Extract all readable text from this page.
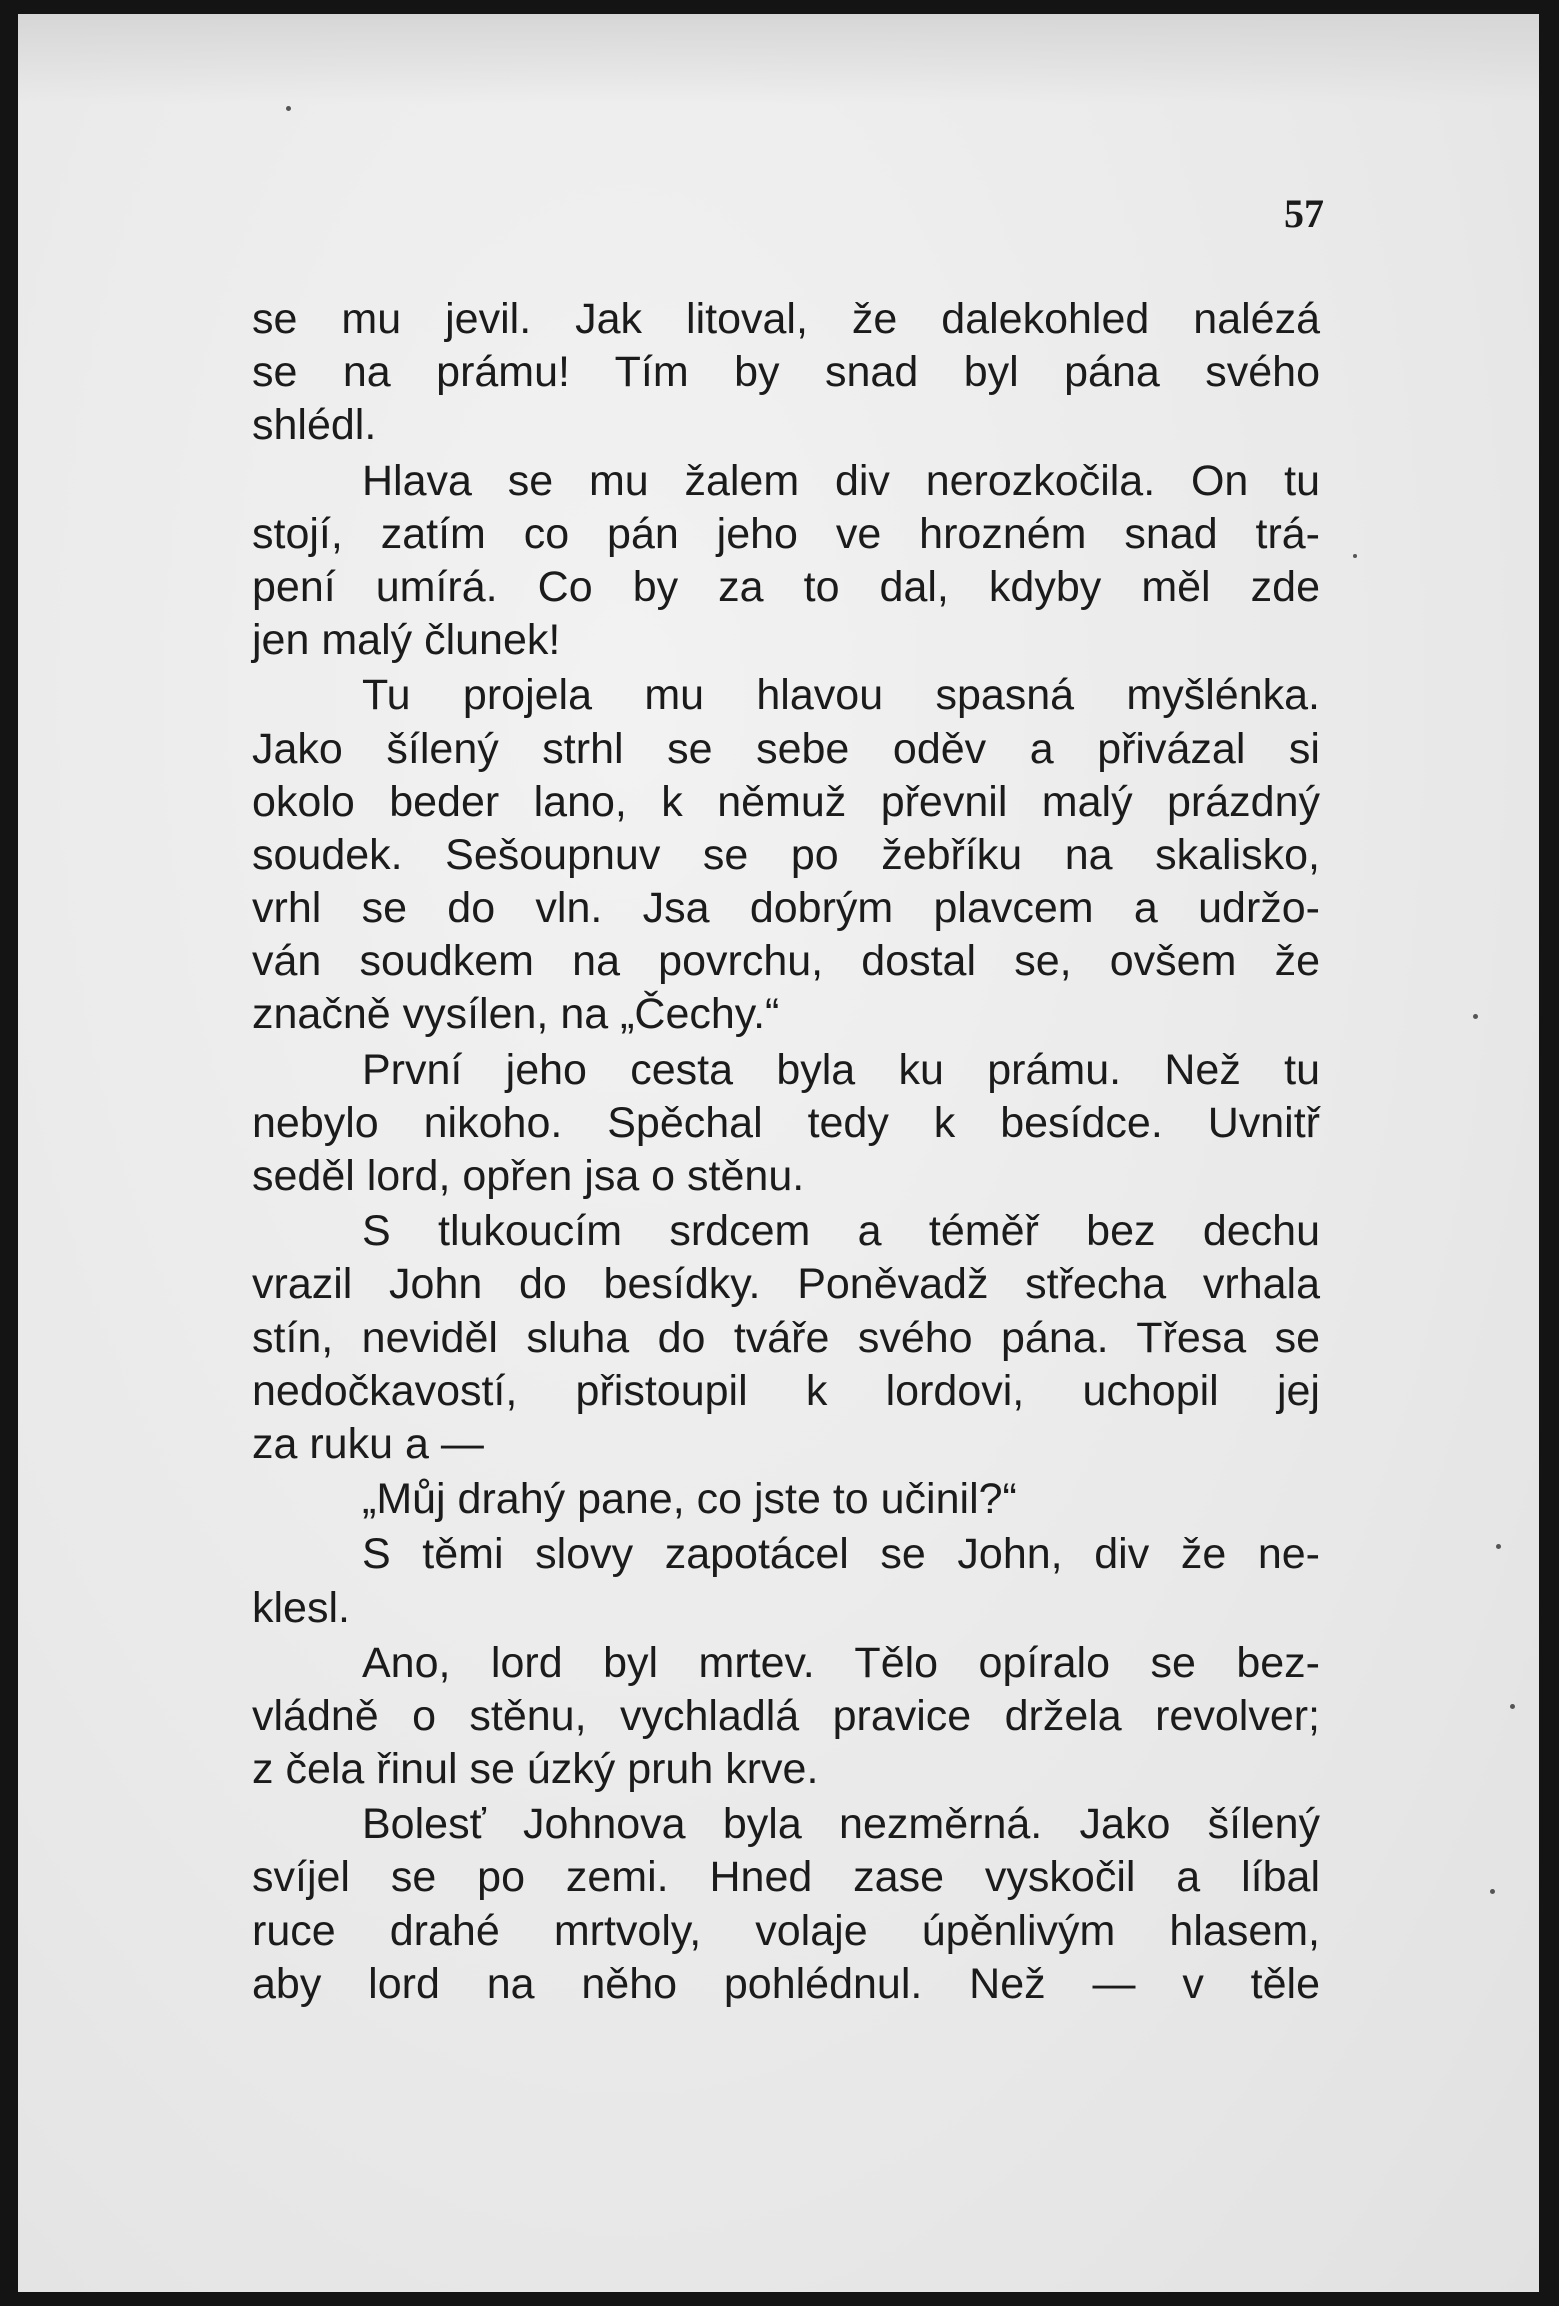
57
se mu jevil. Jak litoval, že dalekohled nalézá
se na prámu! Tím by snad byl pána svého
shlédl.
Hlava se mu žalem div nerozkočila. On tu
stojí, zatím co pán jeho ve hrozném snad trá-
pení umírá. Co by za to dal, kdyby měl zde
jen malý člunek!
Tu projela mu hlavou spasná myšlénka.
Jako šílený strhl se sebe oděv a přivázal si
okolo beder lano, k němuž převnil malý prázdný
soudek. Sešoupnuv se po žebříku na skalisko,
vrhl se do vln. Jsa dobrým plavcem a udržo-
ván soudkem na povrchu, dostal se, ovšem že
značně vysílen, na „Čechy.“
První jeho cesta byla ku prámu. Než tu
nebylo nikoho. Spěchal tedy k besídce. Uvnitř
seděl lord, opřen jsa o stěnu.
S tlukoucím srdcem a téměř bez dechu
vrazil John do besídky. Poněvadž střecha vrhala
stín, neviděl sluha do tváře svého pána. Třesa se
nedočkavostí, přistoupil k lordovi, uchopil jej
za ruku a —
„Můj drahý pane, co jste to učinil?“
S těmi slovy zapotácel se John, div že ne-
klesl.
Ano, lord byl mrtev. Tělo opíralo se bez-
vládně o stěnu, vychladlá pravice držela revolver;
z čela řinul se úzký pruh krve.
Bolesť Johnova byla nezměrná. Jako šílený
svíjel se po zemi. Hned zase vyskočil a líbal
ruce drahé mrtvoly, volaje úpěnlivým hlasem,
aby lord na něho pohlédnul. Než — v těle
